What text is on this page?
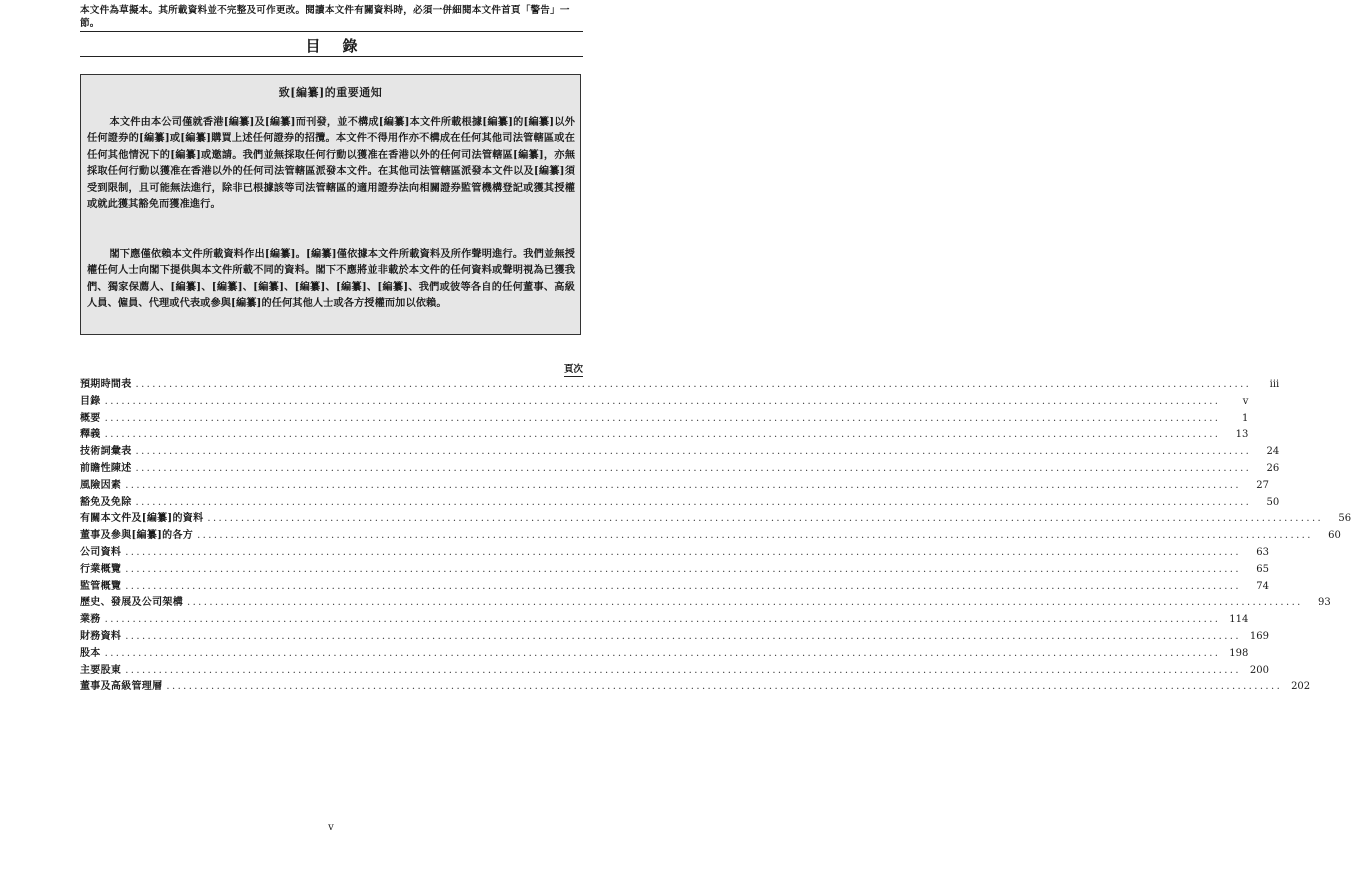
本文件為草擬本。其所載資料並不完整及可作更改。閱讀本文件有關資料時，必須一併細閱本文件首頁「警告」一節。
目錄
致[編纂]的重要通知

本文件由本公司僅就香港[編纂]及[編纂]而刊發，並不構成[編纂]本文件所載根據[編纂]的[編纂]以外任何證券的[編纂]或[編纂]購買上述任何證券的招攬。本文件不得用作亦不構成在任何其他司法管轄區或在任何其他情況下的[編纂]或邀請。我們並無採取任何行動以獲准在香港以外的任何司法管轄區[編纂]，亦無採取任何行動以獲准在香港以外的任何司法管轄區派發本文件。在其他司法管轄區派發本文件以及[編纂]須受到限制，且可能無法進行，除非已根據該等司法管轄區的適用證券法向相關證券監管機構登記或獲其授權或就此獲其豁免而獲准進行。

閣下應僅依賴本文件所載資料作出[編纂]。[編纂]僅依據本文件所載資料及所作聲明進行。我們並無授權任何人士向閣下提供與本文件所載不同的資料。閣下不應將並非載於本文件的任何資料或聲明視為已獲我們、獨家保薦人、[編纂]、[編纂]、[編纂]、[編纂]、[編纂]、[編纂]、我們或彼等各自的任何董事、高級人員、僱員、代理或代表或參與[編纂]的任何其他人士或各方授權而加以依賴。

頁次
預期時間表 ........................................................................................................................................................................................................	iii
目錄 ........................................................................................................................................................................................................	v
概要 ........................................................................................................................................................................................................	1
釋義 ........................................................................................................................................................................................................	13
技術詞彙表 ........................................................................................................................................................................................................	24
前瞻性陳述 ........................................................................................................................................................................................................	26
風險因素 ........................................................................................................................................................................................................	27
豁免及免除 ........................................................................................................................................................................................................	50
有關本文件及[編纂]的資料 ........................................................................................................................................................................................................	56
董事及參與[編纂]的各方 ........................................................................................................................................................................................................	60
公司資料 ........................................................................................................................................................................................................	63
行業概覽 ........................................................................................................................................................................................................	65
監管概覽 ........................................................................................................................................................................................................	74
歷史、發展及公司架構 ........................................................................................................................................................................................................	93
業務 ........................................................................................................................................................................................................ 114
財務資料 ........................................................................................................................................................................................................ 169
股本 ........................................................................................................................................................................................................ 198
主要股東 ........................................................................................................................................................................................................ 200
董事及高級管理層 ........................................................................................................................................................................................................ 202
v
